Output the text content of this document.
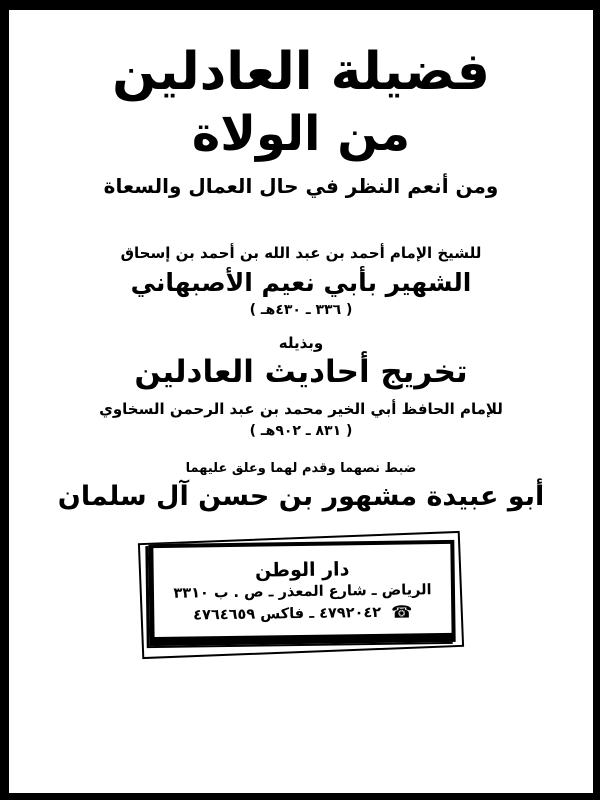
فضيلة العادلين
من الولاة
ومن أنعم النظر في حال العمال والسعاة
للشيخ الإمام أحمد بن عبد الله بن أحمد بن إسحاق
الشهير بأبي نعيم الأصبهاني
( ٣٣٦ ـ ٤٣٠هـ )
وبذيله
تخريج أحاديث العادلين
للإمام الحافظ أبي الخير محمد بن عبد الرحمن السخاوي
( ٨٣١ ـ ٩٠٢هـ )
ضبط نصهما وقدم لهما وعلق عليهما
أبو عبيدة مشهور بن حسن آل سلمان
دار الوطن
الرياض ـ شارع المعذر ـ ص . ب ٣٣١٠
☎ ٤٧٩٢٠٤٢ ـ فاكس ٤٧٦٤٦٥٩
